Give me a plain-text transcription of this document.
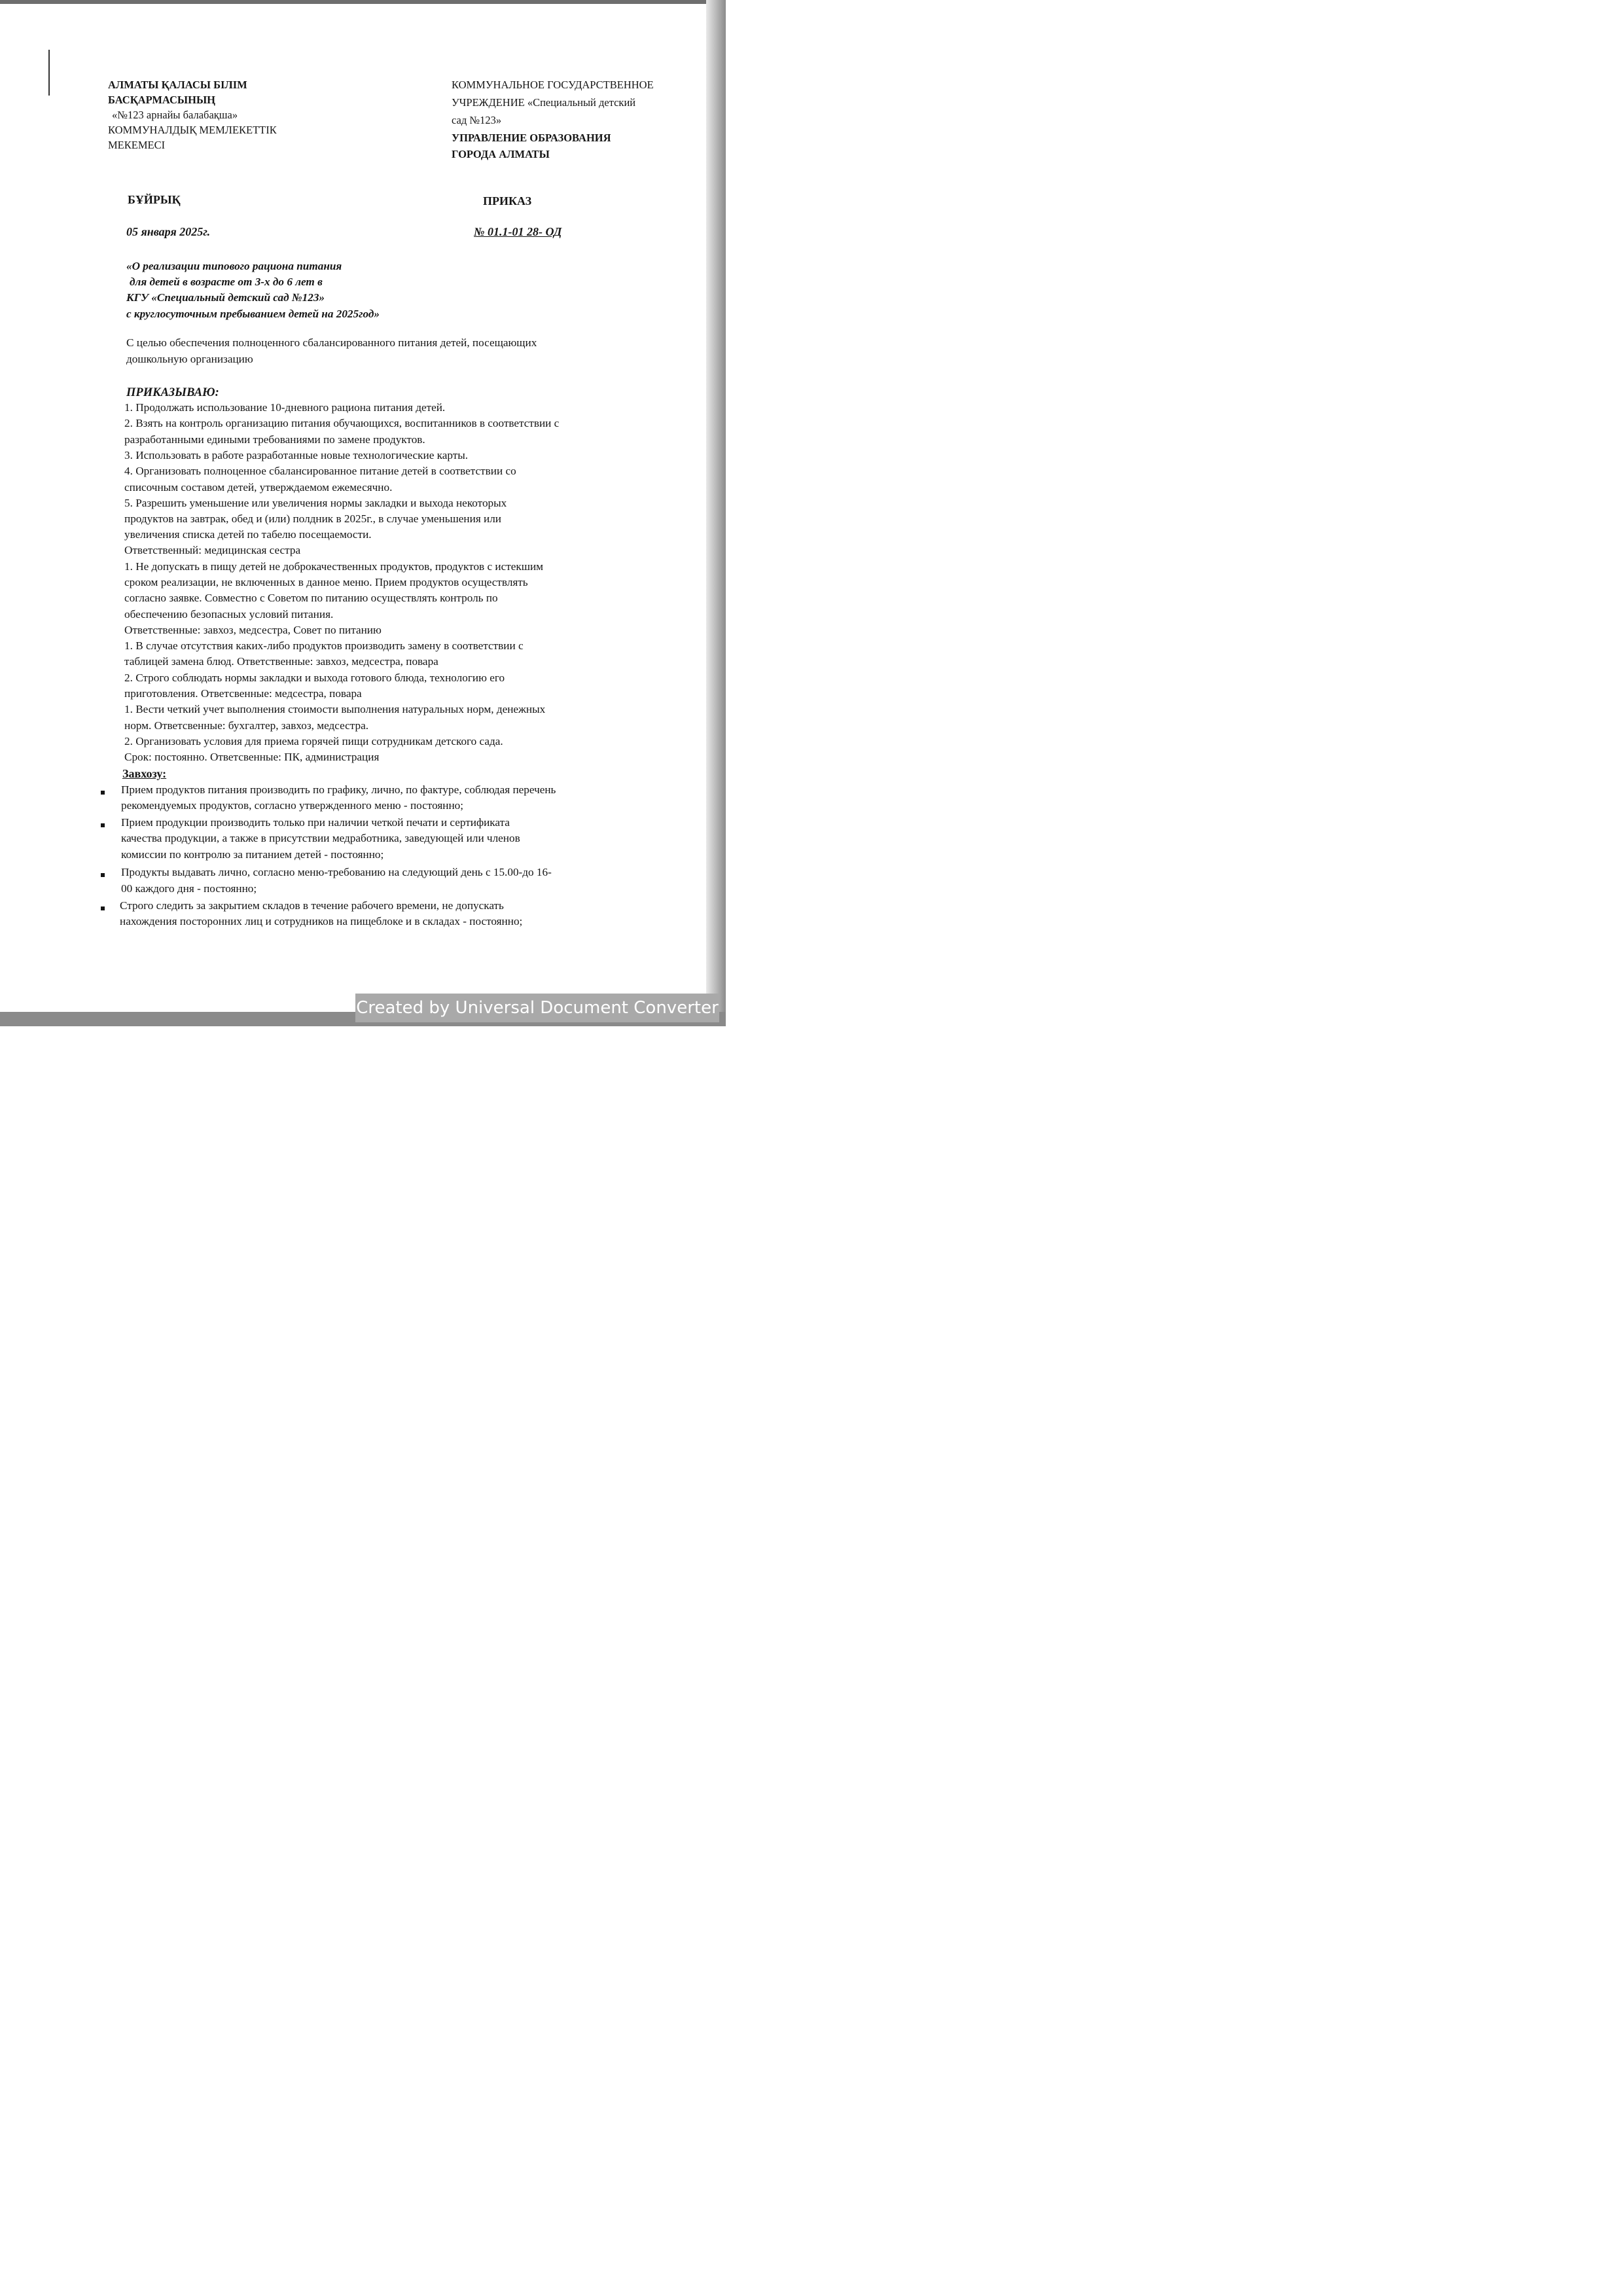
АЛМАТЫ ҚАЛАСЫ БІЛІМ
БАСҚАРМАСЫНЫҢ
«№123 арнайы балабақша»
КОММУНАЛДЫҚ МЕМЛЕКЕТТІК
МЕКЕМЕСІ
КОММУНАЛЬНОЕ ГОСУДАРСТВЕННОЕ
УЧРЕЖДЕНИЕ «Специальный детский
сад №123»
УПРАВЛЕНИЕ ОБРАЗОВАНИЯ
ГОРОДА АЛМАТЫ
БҰЙРЫҚ	ПРИКАЗ
05 января 2025г.	№ 01.1-01 28- ОД
«О реализации типового рациона питания
для детей в возрасте от 3-х до 6 лет в
КГУ «Специальный детский сад №123»
с круглосуточным пребыванием детей на 2025год»
С целью обеспечения полноценного сбалансированного питания детей, посещающих
дошкольную организацию
ПРИКАЗЫВАЮ:
1. Продолжать использование 10-дневного рациона питания детей.
2. Взять на контроль организацию питания обучающихся, воспитанников в соответствии с
разработанными едиными требованиями по замене продуктов.
3. Использовать в работе разработанные новые технологические карты.
4. Организовать полноценное сбалансированное питание детей в соответствии со
списочным составом детей, утверждаемом ежемесячно.
5. Разрешить уменьшение или увеличения нормы закладки и выхода некоторых
продуктов на завтрак, обед и (или) полдник в 2025г., в случае уменьшения или
увеличения списка детей по табелю посещаемости.
Ответственный: медицинская сестра
1. Не допускать в пищу детей не доброкачественных продуктов, продуктов с истекшим
сроком реализации, не включенных в данное меню. Прием продуктов осуществлять
согласно заявке. Совместно с Советом по питанию осуществлять контроль по
обеспечению безопасных условий питания.
Ответственные: завхоз, медсестра, Совет по питанию
1. В случае отсутствия каких-либо продуктов производить замену в соответствии с
таблицей замена блюд. Ответственные: завхоз, медсестра, повара
2. Строго соблюдать нормы закладки и выхода готового блюда, технологию его
приготовления. Ответсвенные: медсестра, повара
1. Вести четкий учет выполнения стоимости выполнения натуральных норм, денежных
норм. Ответсвенные: бухгалтер, завхоз, медсестра.
2. Организовать условия для приема горячей пищи сотрудникам детского сада.
Срок: постоянно. Ответсвенные: ПК, администрация
Завхозу:
Прием продуктов питания производить по графику, лично, по фактуре, соблюдая перечень
рекомендуемых продуктов, согласно утвержденного меню - постоянно;
Прием продукции производить только при наличии четкой печати и сертификата
качества продукции, а также в присутствии медработника, заведующей или членов
комиссии по контролю за питанием детей - постоянно;
Продукты выдавать лично, согласно меню-требованию на следующий день с 15.00-до 16-
00 каждого дня - постоянно;
Строго следить за закрытием складов в течение рабочего времени, не допускать
нахождения посторонних лиц и сотрудников на пищеблоке и в складах - постоянно;
Created by Universal Document Converter
